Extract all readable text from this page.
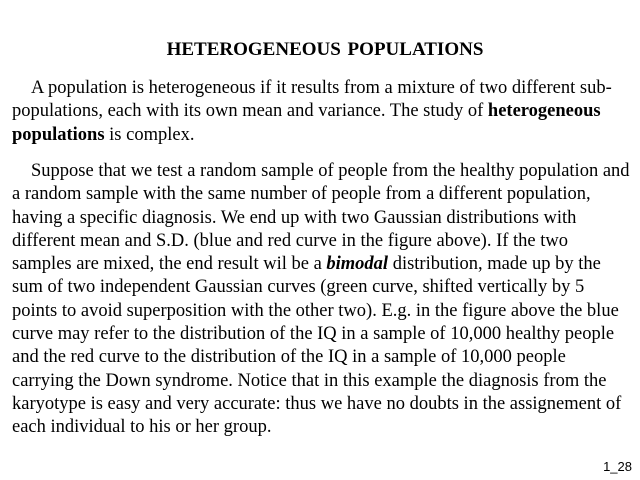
HETEROGENEOUS POPULATIONS

A population is heterogeneous if it results from a mixture of two different sub-populations, each with its own mean and variance. The study of heterogeneous populations is complex.

Suppose that we test a random sample of people from the healthy population and a random sample with the same number of people from a different population, having a specific diagnosis. We end up with two Gaussian distributions with different mean and S.D. (blue and red curve in the figure above). If the two samples are mixed, the end result wil be a bimodal distribution, made up by the sum of two independent Gaussian curves (green curve, shifted vertically by 5 points to avoid superposition with the other two). E.g. in the figure above the blue curve may refer to the distribution of the IQ in a sample of 10,000 healthy people and the red curve to the distribution of the IQ in a sample of 10,000 people carrying the Down syndrome. Notice that in this example the diagnosis from the karyotype is easy and very accurate: thus we have no doubts in the assignement of each individual to his or her group.

1_28
